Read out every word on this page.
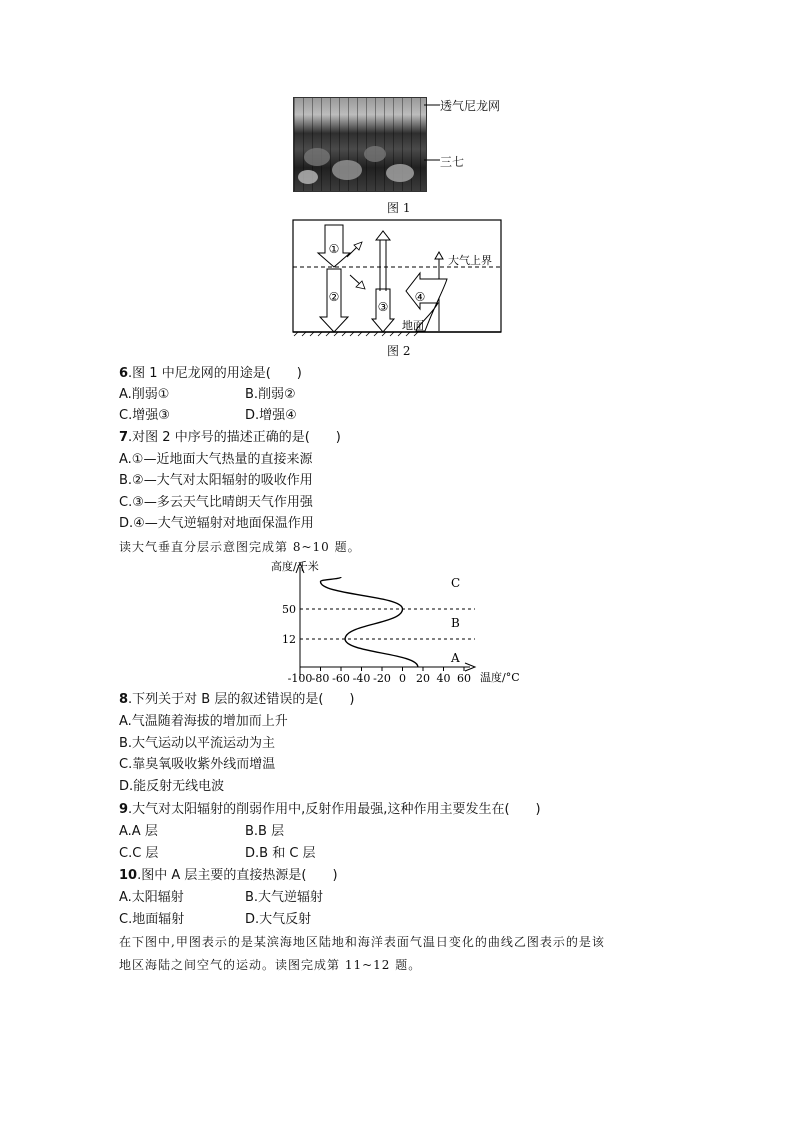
透气尼龙网
三七
图 1
①
②
③
④
大气上界
地面
图 2
6.图 1 中尼龙网的用途是(　　)
A.削弱①	B.削弱②
C.增强③	D.增强④
7.对图 2 中序号的描述正确的是(　　)
A.①—近地面大气热量的直接来源
B.②—大气对太阳辐射的吸收作用
C.③—多云天气比晴朗天气作用强
D.④—大气逆辐射对地面保温作用
读大气垂直分层示意图完成第 8~10 题。
-100 -80 -60 -40 -20 0 20 40 60
12
50
高度/千米
温度/°C
C
B
A
8.下列关于对 B 层的叙述错误的是(　　)
A.气温随着海拔的增加而上升
B.大气运动以平流运动为主
C.靠臭氧吸收紫外线而增温
D.能反射无线电波
9.大气对太阳辐射的削弱作用中,反射作用最强,这种作用主要发生在(　　)
A.A 层	B.B 层
C.C 层	D.B 和 C 层
10.图中 A 层主要的直接热源是(　　)
A.太阳辐射	B.大气逆辐射
C.地面辐射	D.大气反射
在下图中,甲图表示的是某滨海地区陆地和海洋表面气温日变化的曲线乙图表示的是该
地区海陆之间空气的运动。读图完成第 11~12 题。
